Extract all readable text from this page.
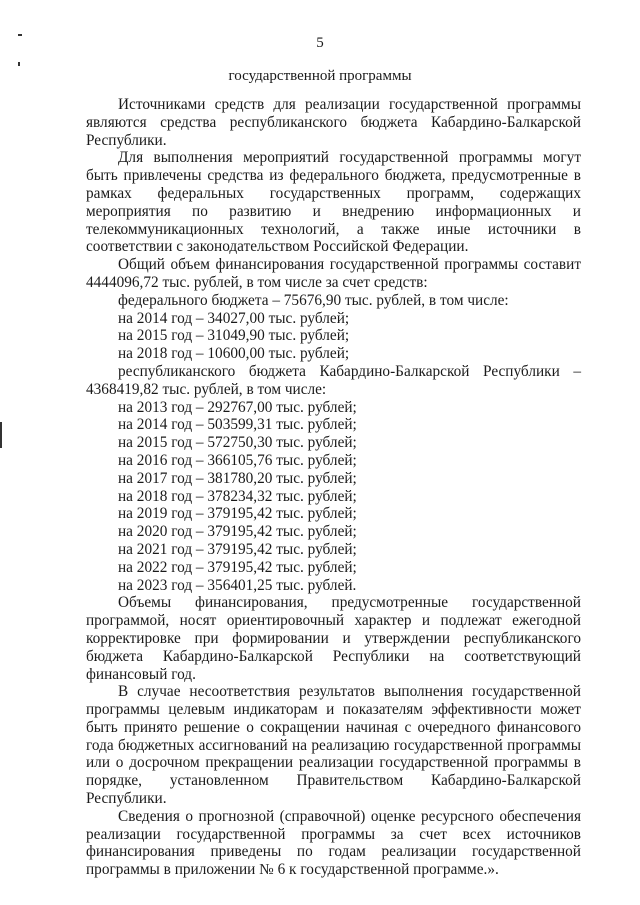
5
государственной программы

Источниками средств для реализации государственной программы являются средства республиканского бюджета Кабардино-Балкарской Республики.

Для выполнения мероприятий государственной программы могут быть привлечены средства из федерального бюджета, предусмотренные в рамках федеральных государственных программ, содержащих мероприятия по развитию и внедрению информационных и телекоммуникационных технологий, а также иные источники в соответствии с законодательством Российской Федерации.

Общий объем финансирования государственной программы составит 4444096,72 тыс. рублей, в том числе за счет средств:

федерального бюджета – 75676,90 тыс. рублей, в том числе:

на 2014 год – 34027,00 тыс. рублей;

на 2015 год – 31049,90 тыс. рублей;

на 2018 год – 10600,00 тыс. рублей;

республиканского бюджета Кабардино-Балкарской Республики – 4368419,82 тыс. рублей, в том числе:

на 2013 год – 292767,00 тыс. рублей;

на 2014 год – 503599,31 тыс. рублей;

на 2015 год – 572750,30 тыс. рублей;

на 2016 год – 366105,76 тыс. рублей;

на 2017 год – 381780,20 тыс. рублей;

на 2018 год – 378234,32 тыс. рублей;

на 2019 год – 379195,42 тыс. рублей;

на 2020 год – 379195,42 тыс. рублей;

на 2021 год – 379195,42 тыс. рублей;

на 2022 год – 379195,42 тыс. рублей;

на 2023 год – 356401,25 тыс. рублей.

Объемы финансирования, предусмотренные государственной программой, носят ориентировочный характер и подлежат ежегодной корректировке при формировании и утверждении республиканского бюджета Кабардино-Балкарской Республики на соответствующий финансовый год.

В случае несоответствия результатов выполнения государственной программы целевым индикаторам и показателям эффективности может быть принято решение о сокращении начиная с очередного финансового года бюджетных ассигнований на реализацию государственной программы или о досрочном прекращении реализации государственной программы в порядке, установленном Правительством Кабардино-Балкарской Республики.

Сведения о прогнозной (справочной) оценке ресурсного обеспечения реализации государственной программы за счет всех источников финансирования приведены по годам реализации государственной программы в приложении № 6 к государственной программе.».
